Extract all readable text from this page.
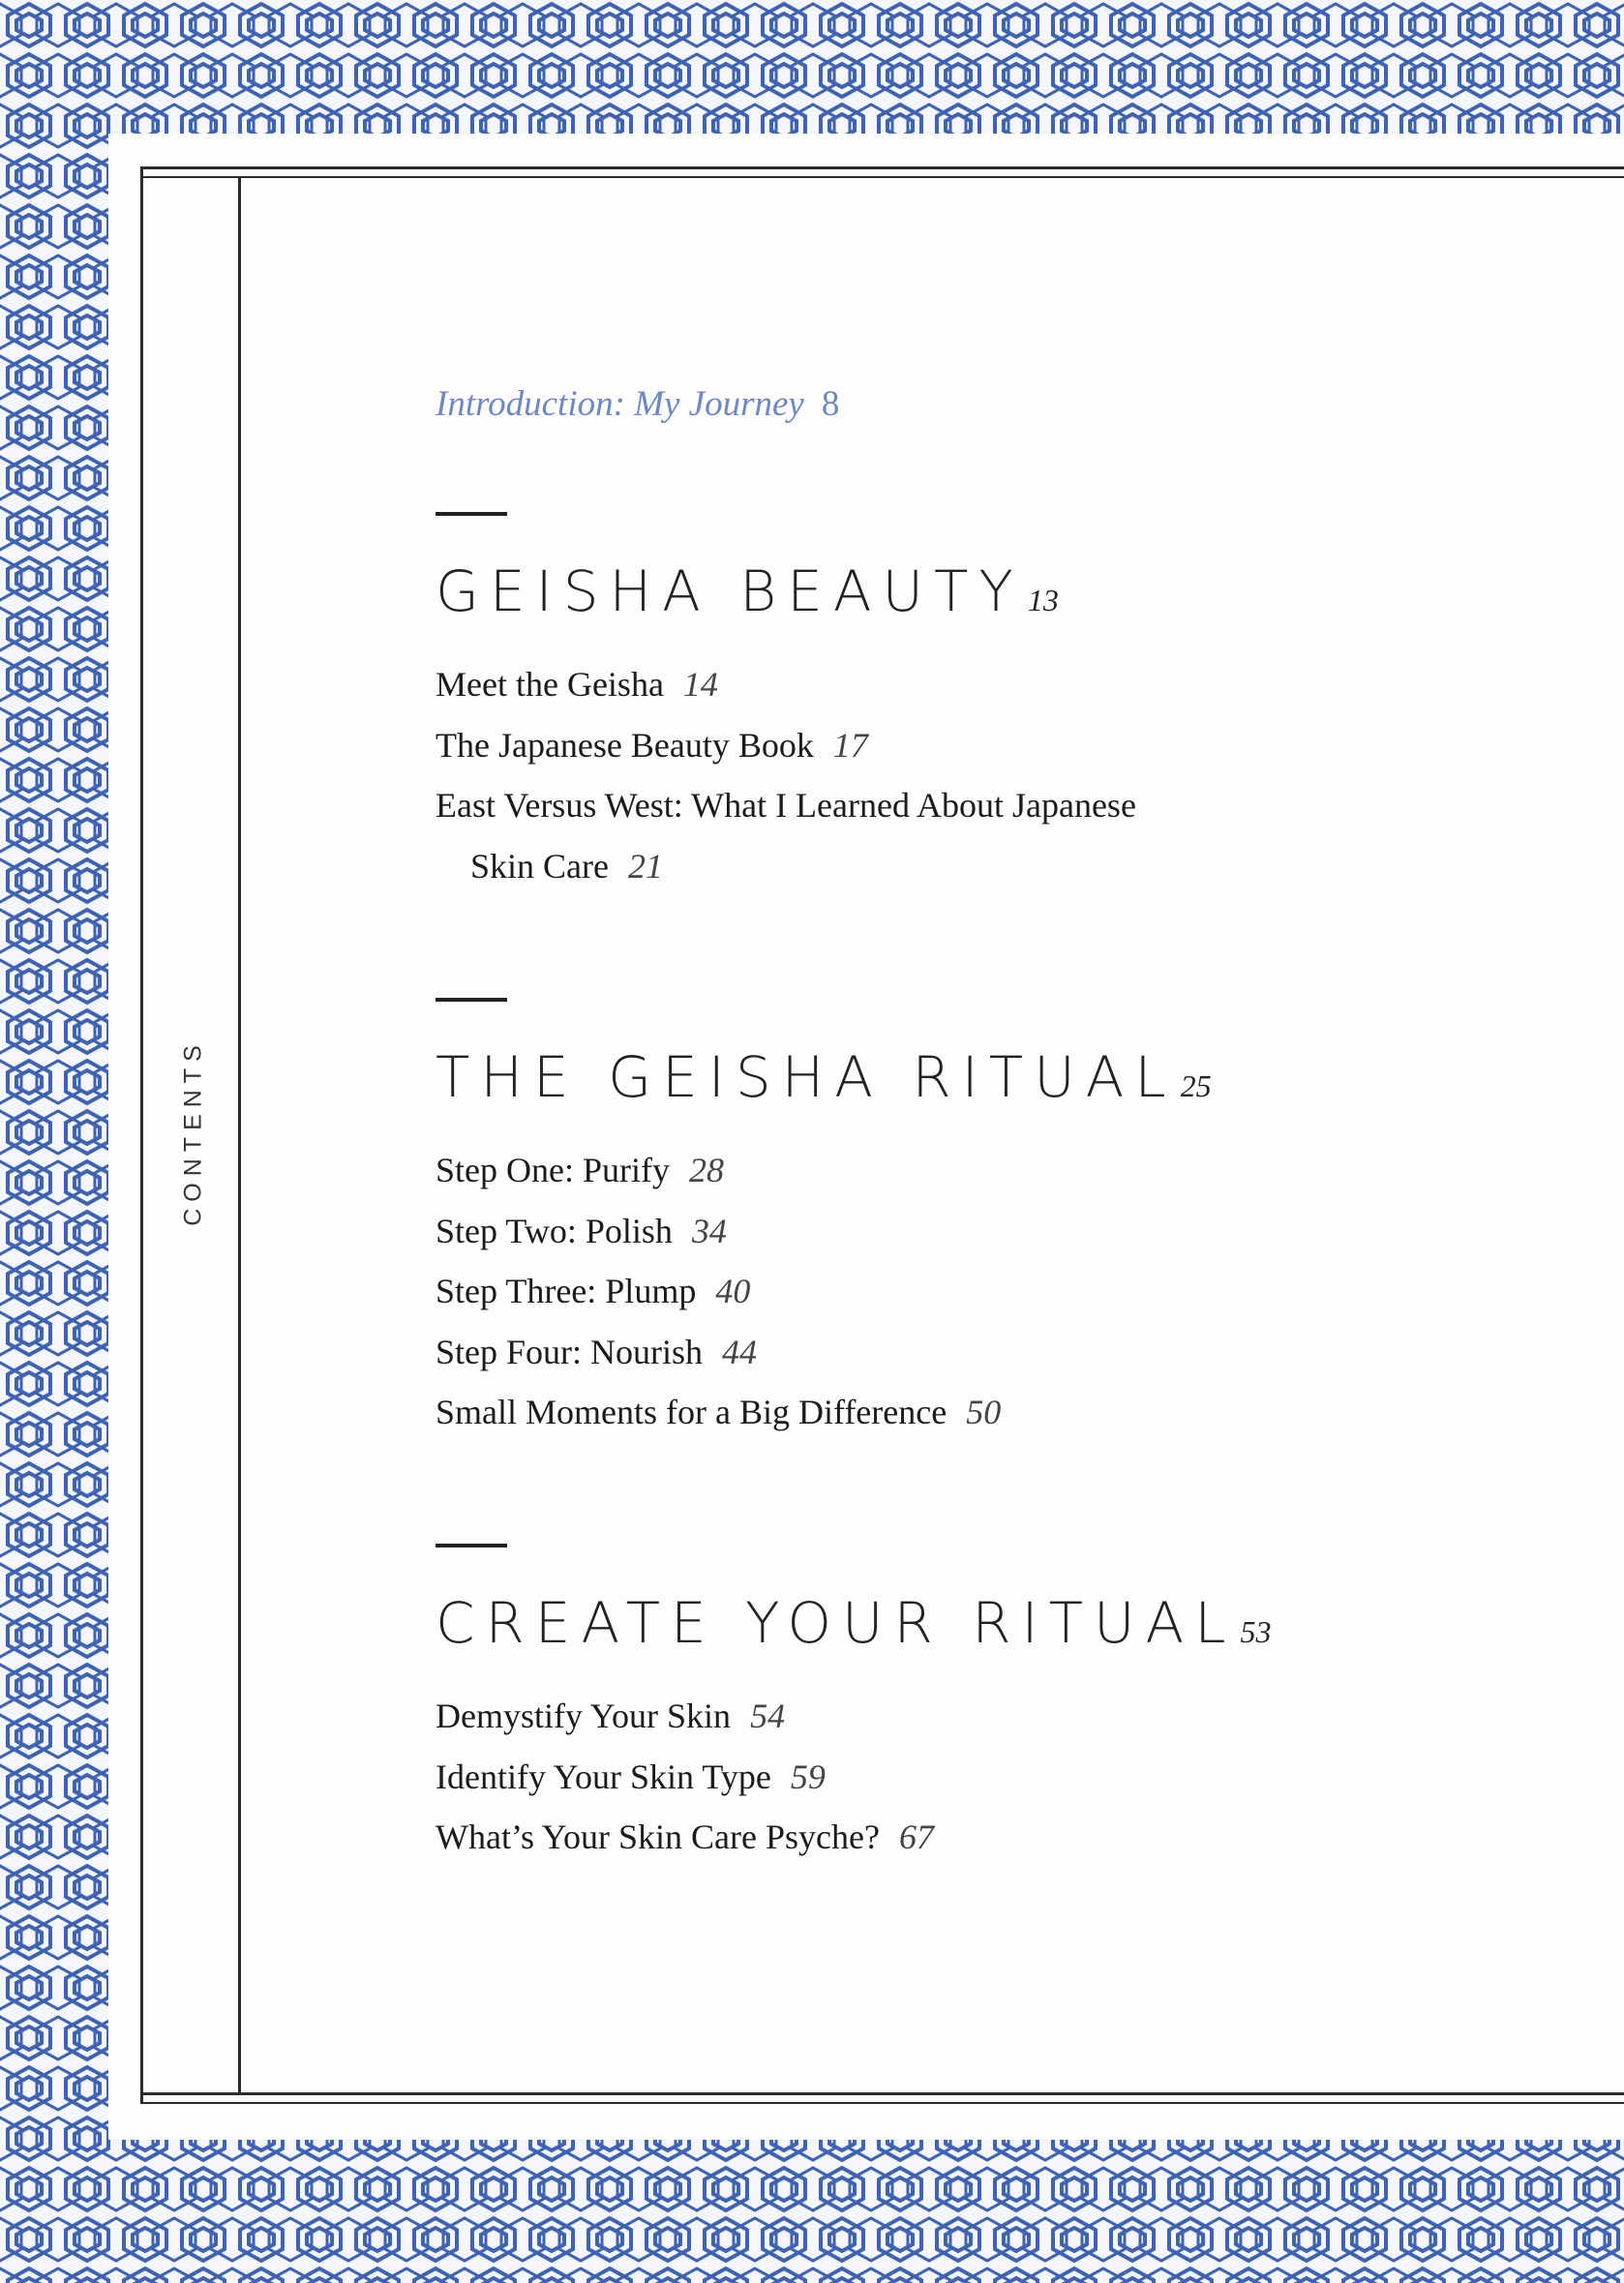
CONTENTS
Introduction: My Journey 8
GEISHA BEAUTY 13
Meet the Geisha 14
The Japanese Beauty Book 17
East Versus West: What I Learned About Japanese
Skin Care 21
THE GEISHA RITUAL 25
Step One: Purify 28
Step Two: Polish 34
Step Three: Plump 40
Step Four: Nourish 44
Small Moments for a Big Difference 50
CREATE YOUR RITUAL 53
Demystify Your Skin 54
Identify Your Skin Type 59
What’s Your Skin Care Psyche? 67
